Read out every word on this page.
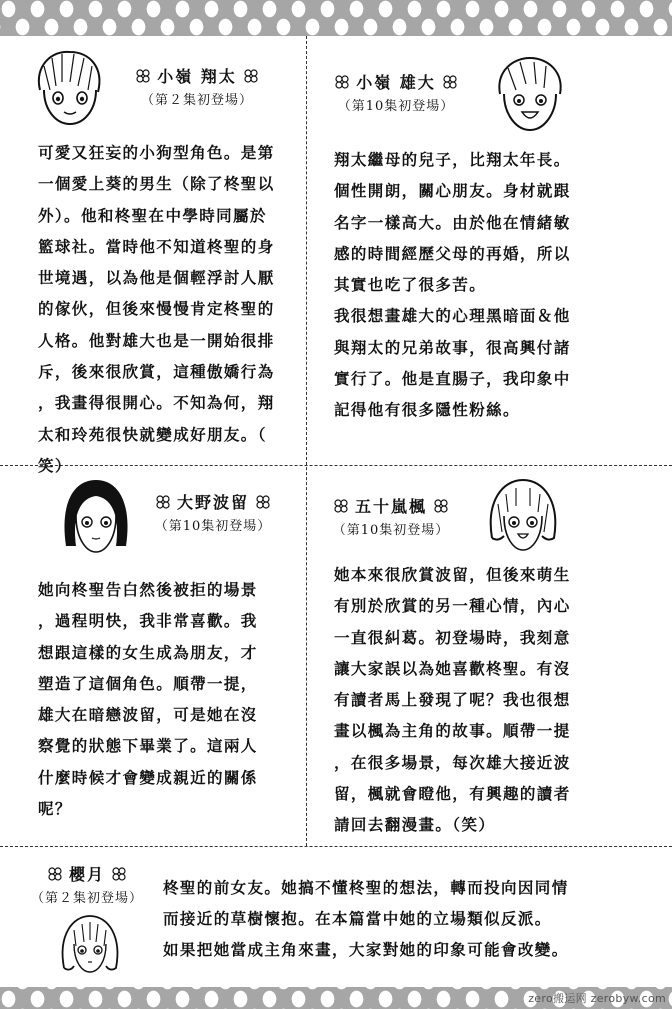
小嶺 翔太
（第２集初登場）
可愛又狂妄的小狗型角色。是第
一個愛上葵的男生（除了柊聖以
外）。他和柊聖在中學時同屬於
籃球社。當時他不知道柊聖的身
世境遇，以為他是個輕浮討人厭
的傢伙，但後來慢慢肯定柊聖的
人格。他對雄大也是一開始很排
斥，後來很欣賞，這種傲嬌行為
，我畫得很開心。不知為何，翔
太和玲苑很快就變成好朋友。（
笑）
小嶺 雄大
（第10集初登場）
翔太繼母的兒子，比翔太年長。
個性開朗，關心朋友。身材就跟
名字一樣高大。由於他在情緒敏
感的時間經歷父母的再婚，所以
其實也吃了很多苦。
我很想畫雄大的心理黑暗面＆他
與翔太的兄弟故事，很高興付諸
實行了。他是直腸子，我印象中
記得他有很多隱性粉絲。
大野波留
（第10集初登場）
她向柊聖告白然後被拒的場景
，過程明快，我非常喜歡。我
想跟這樣的女生成為朋友，才
塑造了這個角色。順帶一提，
雄大在暗戀波留，可是她在沒
察覺的狀態下畢業了。這兩人
什麼時候才會變成親近的關係
呢？
五十嵐楓
（第10集初登場）
她本來很欣賞波留，但後來萌生
有別於欣賞的另一種心情，內心
一直很糾葛。初登場時，我刻意
讓大家誤以為她喜歡柊聖。有沒
有讀者馬上發現了呢？我也很想
畫以楓為主角的故事。順帶一提
，在很多場景，每次雄大接近波
留，楓就會瞪他，有興趣的讀者
請回去翻漫畫。（笑）
櫻月
（第２集初登場）
柊聖的前女友。她搞不懂柊聖的想法，轉而投向因同情
而接近的草樹懷抱。在本篇當中她的立場類似反派。
如果把她當成主角來畫，大家對她的印象可能會改變。
zero搬运网 zerobyw.com
